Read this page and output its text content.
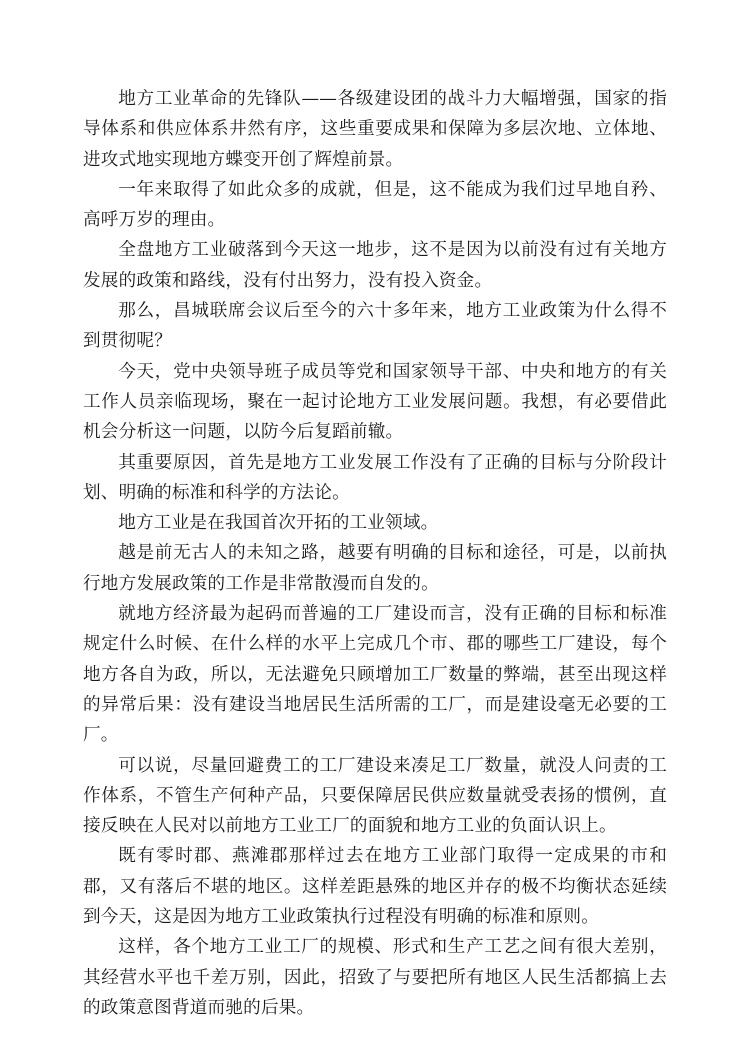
地方工业革命的先锋队——各级建设团的战斗力大幅增强，国家的指导体系和供应体系井然有序，这些重要成果和保障为多层次地、立体地、进攻式地实现地方蝶变开创了辉煌前景。

一年来取得了如此众多的成就，但是，这不能成为我们过早地自矜、高呼万岁的理由。

全盘地方工业破落到今天这一地步，这不是因为以前没有过有关地方发展的政策和路线，没有付出努力，没有投入资金。

那么，昌城联席会议后至今的六十多年来，地方工业政策为什么得不到贯彻呢？

今天，党中央领导班子成员等党和国家领导干部、中央和地方的有关工作人员亲临现场，聚在一起讨论地方工业发展问题。我想，有必要借此机会分析这一问题，以防今后复蹈前辙。

其重要原因，首先是地方工业发展工作没有了正确的目标与分阶段计划、明确的标准和科学的方法论。

地方工业是在我国首次开拓的工业领域。

越是前无古人的未知之路，越要有明确的目标和途径，可是，以前执行地方发展政策的工作是非常散漫而自发的。

就地方经济最为起码而普遍的工厂建设而言，没有正确的目标和标准规定什么时候、在什么样的水平上完成几个市、郡的哪些工厂建设，每个地方各自为政，所以，无法避免只顾增加工厂数量的弊端，甚至出现这样的异常后果：没有建设当地居民生活所需的工厂，而是建设毫无必要的工厂。

可以说，尽量回避费工的工厂建设来凑足工厂数量，就没人问责的工作体系，不管生产何种产品，只要保障居民供应数量就受表扬的惯例，直接反映在人民对以前地方工业工厂的面貌和地方工业的负面认识上。

既有零时郡、燕滩郡那样过去在地方工业部门取得一定成果的市和郡，又有落后不堪的地区。这样差距悬殊的地区并存的极不均衡状态延续到今天，这是因为地方工业政策执行过程没有明确的标准和原则。

这样，各个地方工业工厂的规模、形式和生产工艺之间有很大差别，其经营水平也千差万别，因此，招致了与要把所有地区人民生活都搞上去的政策意图背道而驰的后果。
